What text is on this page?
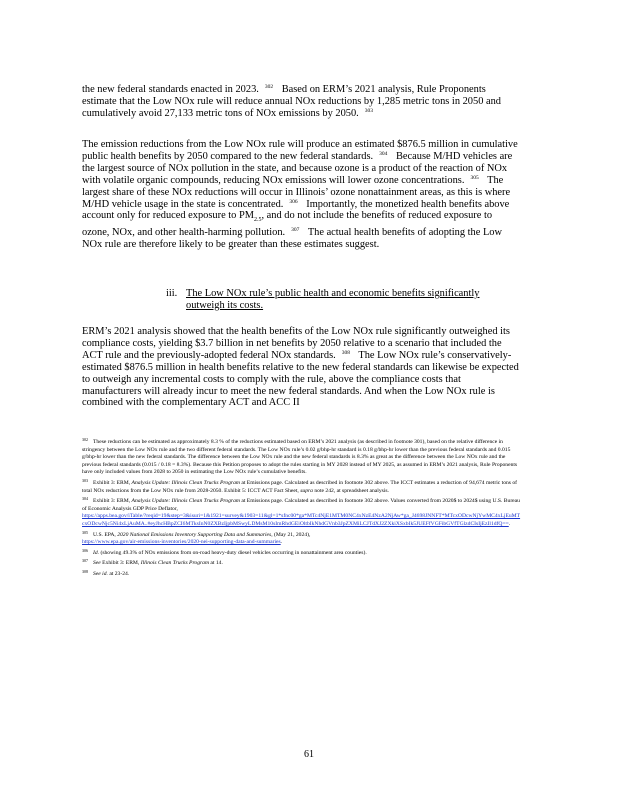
the new federal standards enacted in 2023. $^{302}$ Based on ERM’s 2021 analysis, Rule Proponents estimate that the Low NOx rule will reduce annual NOx reductions by 1,285 metric tons in 2050 and cumulatively avoid 27,133 metric tons of NOx emissions by 2050. $^{303}$

The emission reductions from the Low NOx rule will produce an estimated $876.5 million in cumulative public health benefits by 2050 compared to the new federal standards. $^{304}$ Because M/HD vehicles are the largest source of NOx pollution in the state, and because ozone is a product of the reaction of NOx with volatile organic compounds, reducing NOx emissions will lower ozone concentrations. $^{305}$ The largest share of these NOx reductions will occur in Illinois’ ozone nonattainment areas, as this is where M/HD vehicle usage in the state is concentrated. $^{306}$ Importantly, the monetized health benefits above account only for reduced exposure to $PM_{2.5}$, and do not include the benefits of reduced exposure to ozone, NOx, and other health-harming pollution. $^{307}$ The actual health benefits of adopting the Low NOx rule are therefore likely to be greater than these estimates suggest.

iii. The Low NOx rule’s public health and economic benefits significantly
outweigh its costs.

ERM’s 2021 analysis showed that the health benefits of the Low NOx rule significantly outweighed its compliance costs, yielding $3.7 billion in net benefits by 2050 relative to a scenario that included the ACT rule and the previously-adopted federal NOx standards. $^{308}$ The Low NOx rule’s conservatively-estimated $876.5 million in health benefits relative to the new federal standards can likewise be expected to outweigh any incremental costs to comply with the rule, above the compliance costs that manufacturers will already incur to meet the new federal standards. And when the Low NOx rule is combined with the complementary ACT and ACC II

$^{302}$ These reductions can be estimated as approximately 8.3 % of the reductions estimated based on ERM’s 2021 analysis (as described in footnote 301), based on the relative difference in stringency between the Low NOx rule and the two different federal standards. The Low NOx rule’s 0.02 g/bhp-hr standard is 0.18 g/bhp-hr lower than the previous federal standards and 0.015 g/bhp-hr lower than the new federal standards. The difference between the Low NOx rule and the new federal standards is 8.3% as great as the difference between the Low NOx rule and the previous federal standards (0.015 / 0.18 = 8.3%). Because this Petition proposes to adopt the rules starting in MY 2028 instead of MY 2025, as assumed in ERM’s 2021 analysis, Rule Proponents have only included values from 2028 to 2050 in estimating the Low NOx rule’s cumulative benefits.

$^{303}$ Exhibit 3: ERM, Analysis Update: Illinois Clean Trucks Program at Emissions page. Calculated as described in footnote 302 above. The ICCT estimates a reduction of 94,674 metric tons of total NOx reductions from the Low NOx rule from 2028-2050. Exhibit 5: ICCT ACT Fact Sheet, supra note 242, at spreadsheet analysis.

$^{304}$ Exhibit 3: ERM, Analysis Update: Illinois Clean Trucks Program at Emissions page. Calculated as described in footnote 302 above. Values converted from 2020$ to 2024$ using U.S. Bureau of Economic Analysis GDP Price Deflator,
https://apps.bea.gov/iTable/?reqid=19&step=3&isuri=1&1921=survey&1903=11&gl=1*sfnc00*ga*MTc4NjE1MTM0NC4xNzE4NzA2NjAw*ga_J4698JNNFT*MTcxODcwNjYwMC4xLjEuMTcxODcwNjc5Ni4xLjAuMA..#eyJhcHBpZCI6MTksInN0ZXBzIjpbMSwyLDMsM10sImRhdGEiOltbIkNhdGVnb3JpZXMiLCJTdXJ2ZXkiXSxbIk5JUEFfVGFibGVfTGlzdCIsIjEzIl1dfQ==.

$^{305}$ U.S. EPA, 2020 National Emissions Inventory Supporting Data and Summaries, (May 21, 2024),
https://www.epa.gov/air-emissions-inventories/2020-nei-supporting-data-and-summaries.

$^{306}$ Id. (showing 49.3% of NOx emissions from on-road heavy-duty diesel vehicles occurring in nonattainment area counties).

$^{307}$ See Exhibit 3: ERM, Illinois Clean Trucks Program at 14.

$^{308}$ See id. at 23-24.

61
